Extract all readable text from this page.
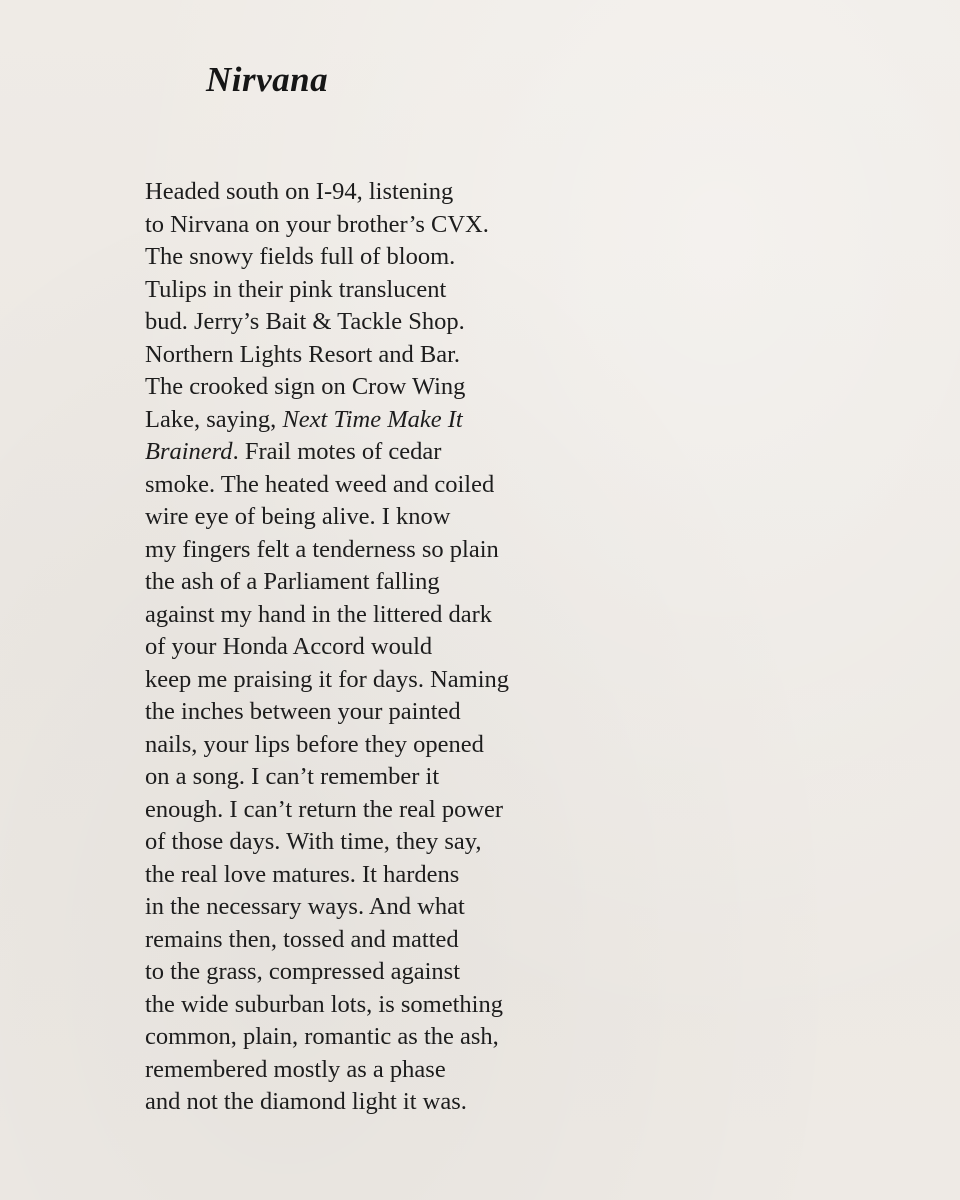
Nirvana
Headed south on I-94, listening
to Nirvana on your brother’s CVX.
The snowy fields full of bloom.
Tulips in their pink translucent
bud. Jerry’s Bait & Tackle Shop.
Northern Lights Resort and Bar.
The crooked sign on Crow Wing
Lake, saying, Next Time Make It
Brainerd. Frail motes of cedar
smoke. The heated weed and coiled
wire eye of being alive. I know
my fingers felt a tenderness so plain
the ash of a Parliament falling
against my hand in the littered dark
of your Honda Accord would
keep me praising it for days. Naming
the inches between your painted
nails, your lips before they opened
on a song. I can’t remember it
enough. I can’t return the real power
of those days. With time, they say,
the real love matures. It hardens
in the necessary ways. And what
remains then, tossed and matted
to the grass, compressed against
the wide suburban lots, is something
common, plain, romantic as the ash,
remembered mostly as a phase
and not the diamond light it was.
